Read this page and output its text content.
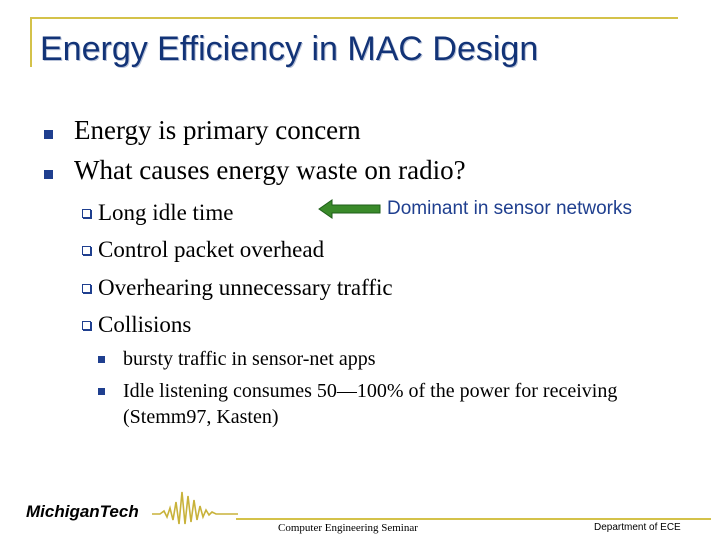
Energy Efficiency in MAC Design
Energy is primary concern
What causes energy waste on radio?
Long idle time
Control packet overhead
Overhearing unnecessary traffic
Collisions
Dominant in sensor networks
bursty traffic in sensor-net apps
Idle listening consumes 50—100% of the power for receiving (Stemm97, Kasten)
MichiganTech
Computer Engineering Seminar	Department of ECE
